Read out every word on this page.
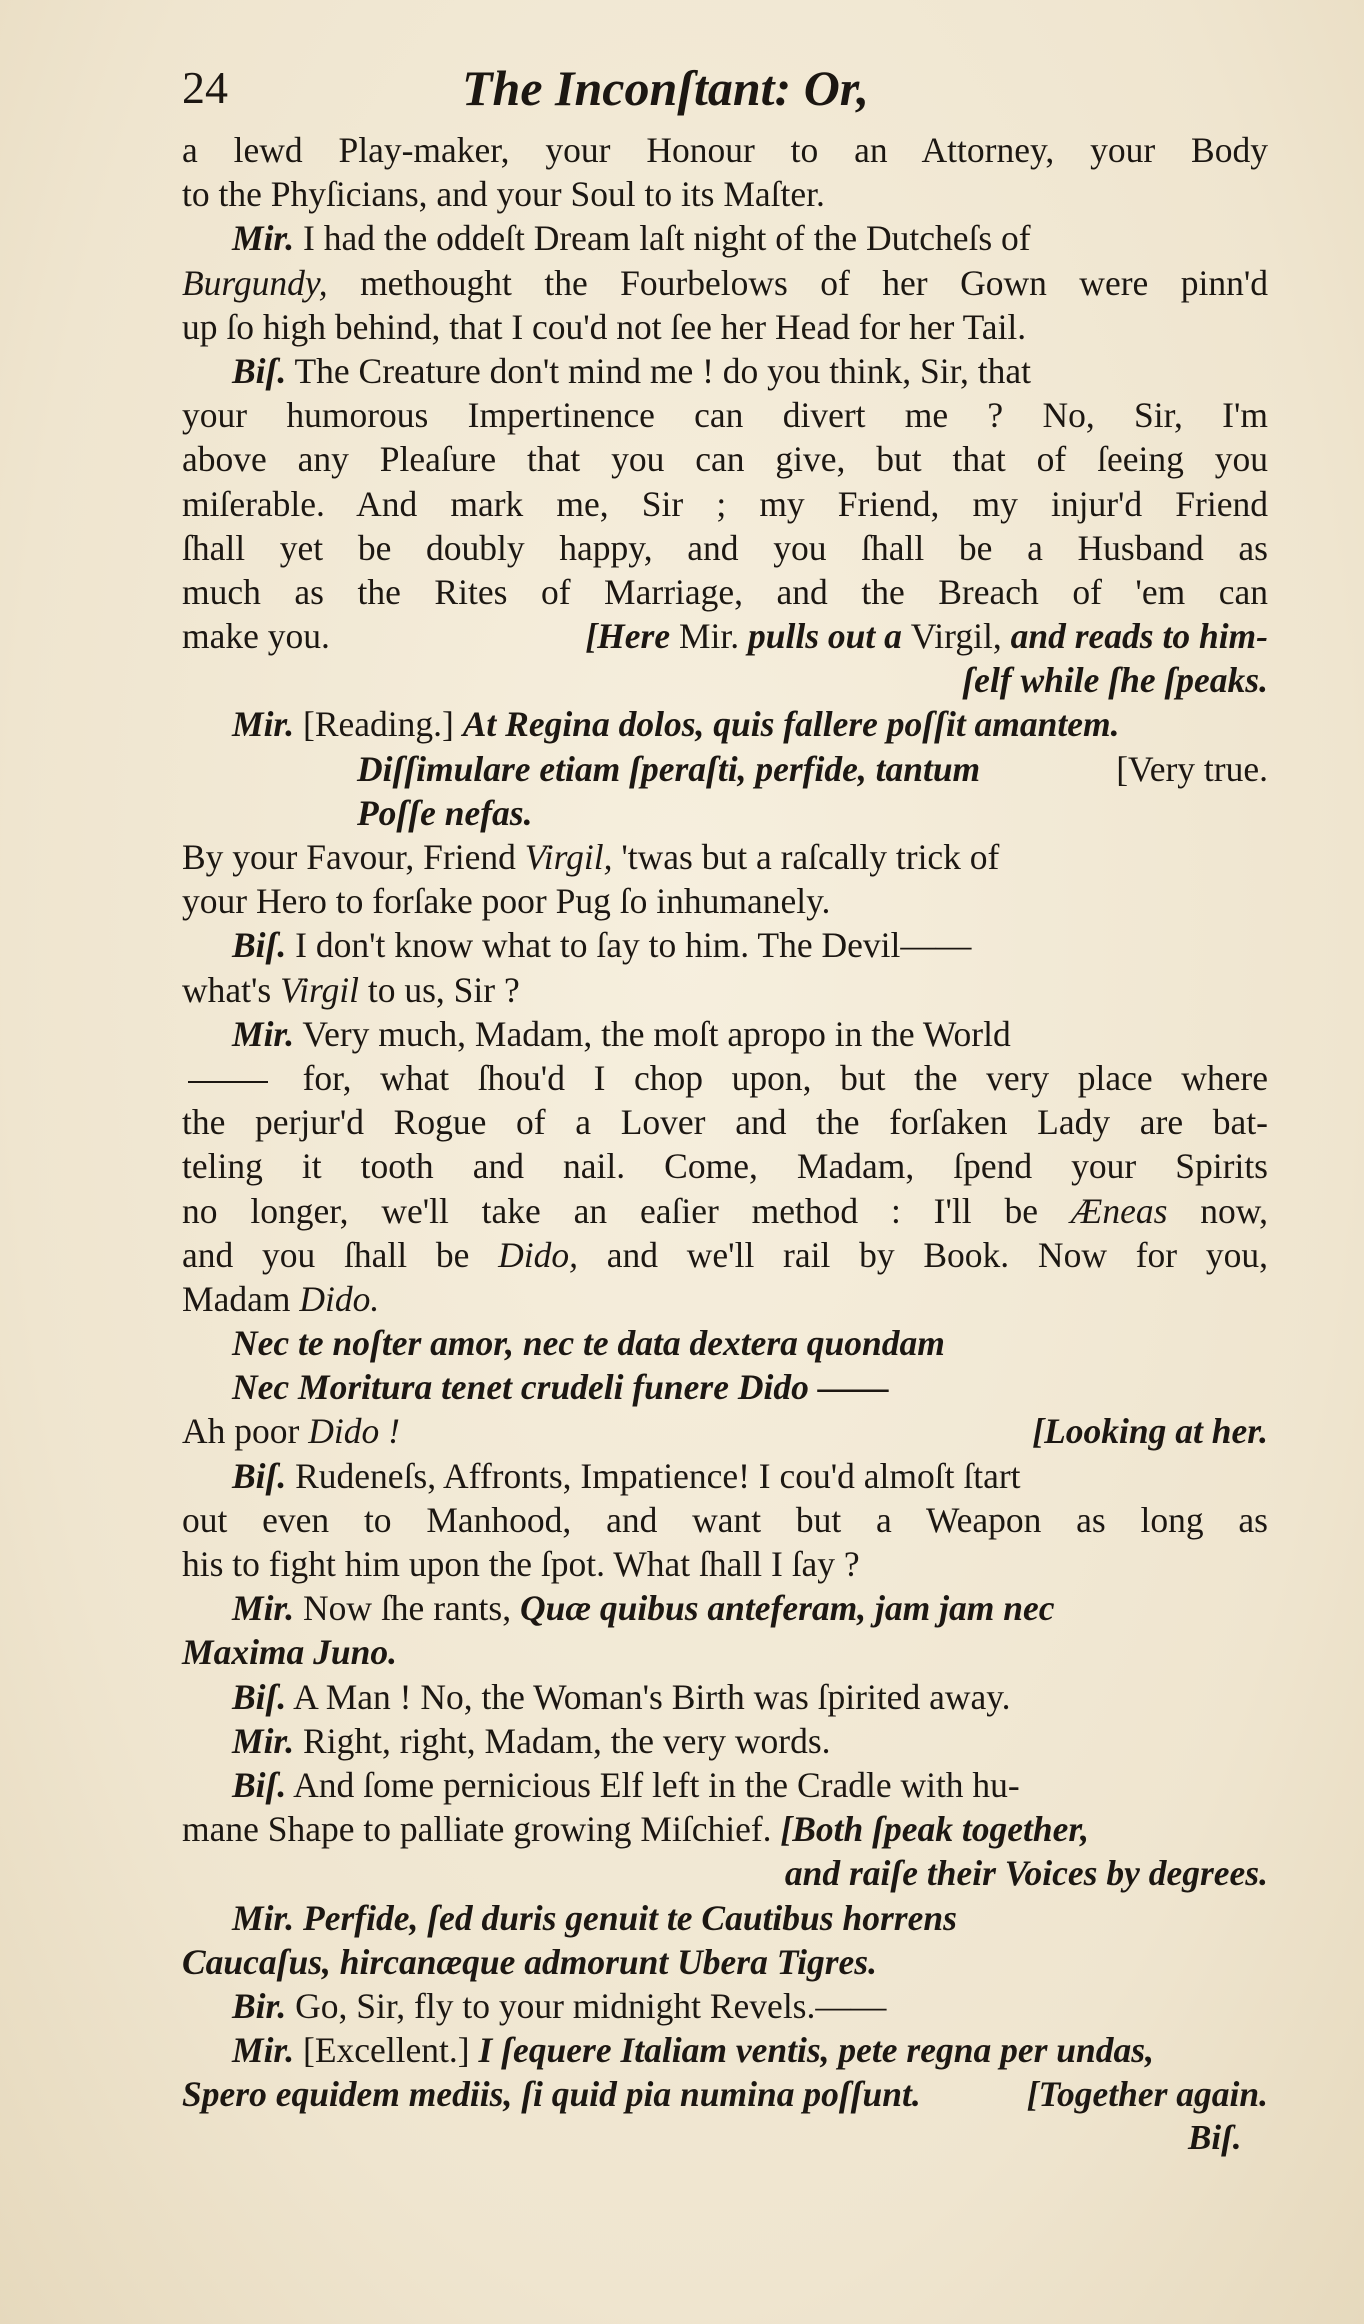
24	The Inconſtant: Or,
a lewd Play-maker, your Honour to an Attorney, your Body
to the Phyſicians, and your Soul to its Maſter.
Mir. I had the oddeſt Dream laſt night of the Dutcheſs of
Burgundy, methought the Fourbelows of her Gown were pinn'd
up ſo high behind, that I cou'd not ſee her Head for her Tail.
Biſ. The Creature don't mind me ! do you think, Sir, that
your humorous Impertinence can divert me ? No, Sir, I'm
above any Pleaſure that you can give, but that of ſeeing you
miſerable. And mark me, Sir ; my Friend, my injur'd Friend
ſhall yet be doubly happy, and you ſhall be a Husband as
much as the Rites of Marriage, and the Breach of 'em can
make you.	[Here Mir. pulls out a Virgil, and reads to him-
ſelf while ſhe ſpeaks.
Mir. [Reading.] At Regina dolos, quis fallere poſſit amantem.
Diſſimulare etiam ſperaſti, perfide, tantum	[Very true.
Poſſe nefas.
By your Favour, Friend Virgil, 'twas but a raſcally trick of
your Hero to forſake poor Pug ſo inhumanely.
Biſ. I don't know what to ſay to him. The Devil——
what's Virgil to us, Sir ?
Mir. Very much, Madam, the moſt apropo in the World
for, what ſhou'd I chop upon, but the very place where
the perjur'd Rogue of a Lover and the forſaken Lady are bat-
teling it tooth and nail. Come, Madam, ſpend your Spirits
no longer, we'll take an eaſier method : I'll be Æneas now,
and you ſhall be Dido, and we'll rail by Book. Now for you,
Madam Dido.
Nec te noſter amor, nec te data dextera quondam
Nec Moritura tenet crudeli funere Dido ——
Ah poor Dido !	[Looking at her.
Biſ. Rudeneſs, Affronts, Impatience! I cou'd almoſt ſtart
out even to Manhood, and want but a Weapon as long as
his to fight him upon the ſpot. What ſhall I ſay ?
Mir. Now ſhe rants, Quæ quibus anteferam, jam jam nec
Maxima Juno.
Biſ. A Man ! No, the Woman's Birth was ſpirited away.
Mir. Right, right, Madam, the very words.
Biſ. And ſome pernicious Elf left in the Cradle with hu-
mane Shape to palliate growing Miſchief. [Both ſpeak together,
and raiſe their Voices by degrees.
Mir. Perfide, ſed duris genuit te Cautibus horrens
Caucaſus, hircanæque admorunt Ubera Tigres.
Bir. Go, Sir, fly to your midnight Revels.——
Mir. [Excellent.] I ſequere Italiam ventis, pete regna per undas,
Spero equidem mediis, ſi quid pia numina poſſunt.	[Together again.
Biſ.
